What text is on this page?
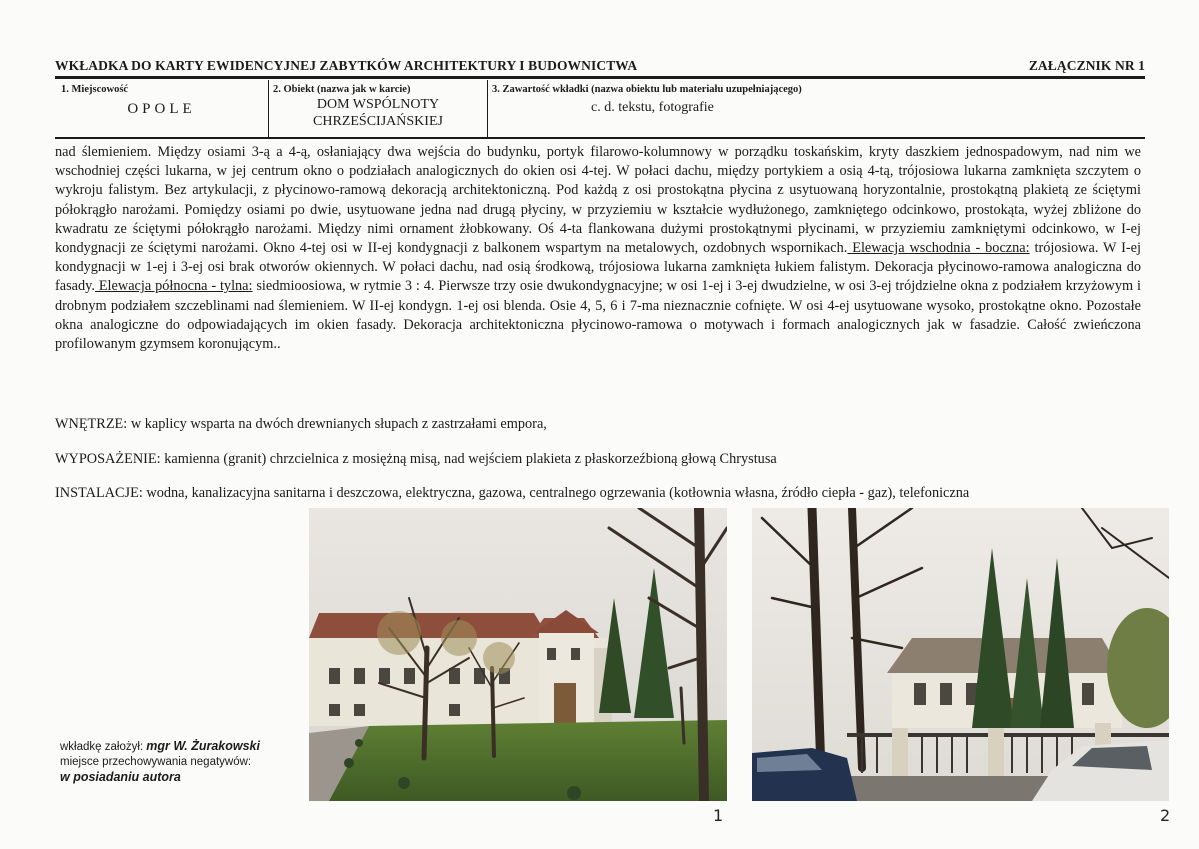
WKŁADKA DO KARTY EWIDENCYJNEJ ZABYTKÓW ARCHITEKTURY I BUDOWNICTWA	ZAŁĄCZNIK NR 1
1. Miejscowość
OPOLE
2. Obiekt (nazwa jak w karcie)
DOM WSPÓLNOTY
CHRZEŚCIJAŃSKIEJ
3. Zawartość wkładki (nazwa obiektu lub materiału uzupełniającego)
c. d. tekstu, fotografie

nad ślemieniem. Między osiami 3-ą a 4-ą, osłaniający dwa wejścia do budynku, portyk filarowo-kolumnowy w porządku toskańskim, kryty daszkiem jednospadowym, nad nim we wschodniej części lukarna, w jej centrum okno o podziałach analogicznych do okien osi 4-tej. W połaci dachu, między portykiem a osią 4-tą, trójosiowa lukarna zamknięta szczytem o wykroju falistym. Bez artykulacji, z płycinowo-ramową dekoracją architektoniczną. Pod każdą z osi prostokątna płycina z usytuowaną horyzontalnie, prostokątną plakietą ze ściętymi półokrągło narożami. Pomiędzy osiami po dwie, usytuowane jedna nad drugą płyciny, w przyziemiu w kształcie wydłużonego, zamkniętego odcinkowo, prostokąta, wyżej zbliżone do kwadratu ze ściętymi półokrągło narożami. Między nimi ornament żłobkowany. Oś 4-ta flankowana dużymi prostokątnymi płycinami, w przyziemiu zamkniętymi odcinkowo, w I-ej kondygnacji ze ściętymi narożami. Okno 4-tej osi w II-ej kondygnacji z balkonem wspartym na metalowych, ozdobnych wspornikach. Elewacja wschodnia - boczna: trójosiowa. W I-ej kondygnacji w 1-ej i 3-ej osi brak otworów okiennych. W połaci dachu, nad osią środkową, trójosiowa lukarna zamknięta łukiem falistym. Dekoracja płycinowo-ramowa analogiczna do fasady. Elewacja północna - tylna: siedmioosiowa, w rytmie 3 : 4. Pierwsze trzy osie dwukondygnacyjne; w osi 1-ej i 3-ej dwudzielne, w osi 3-ej trójdzielne okna z podziałem krzyżowym i drobnym podziałem szczeblinami nad ślemieniem. W II-ej kondygn. 1-ej osi blenda. Osie 4, 5, 6 i 7-ma nieznacznie cofnięte. W osi 4-ej usytuowane wysoko, prostokątne okno. Pozostałe okna analogiczne do odpowiadających im okien fasady. Dekoracja architektoniczna płycinowo-ramowa o motywach i formach analogicznych jak w fasadzie. Całość zwieńczona profilowanym gzymsem koronującym..

WNĘTRZE: w kaplicy wsparta na dwóch drewnianych słupach z zastrzałami empora,
WYPOSAŻENIE: kamienna (granit) chrzcielnica z mosiężną misą, nad wejściem plakieta z płaskorzeźbioną głową Chrystusa
INSTALACJE: wodna, kanalizacyjna sanitarna i deszczowa, elektryczna, gazowa, centralnego ogrzewania (kotłownia własna, źródło ciepła - gaz), telefoniczna
1	2
wkładkę założył: mgr W. Żurakowski
miejsce przechowywania negatywów:
w posiadaniu autora
